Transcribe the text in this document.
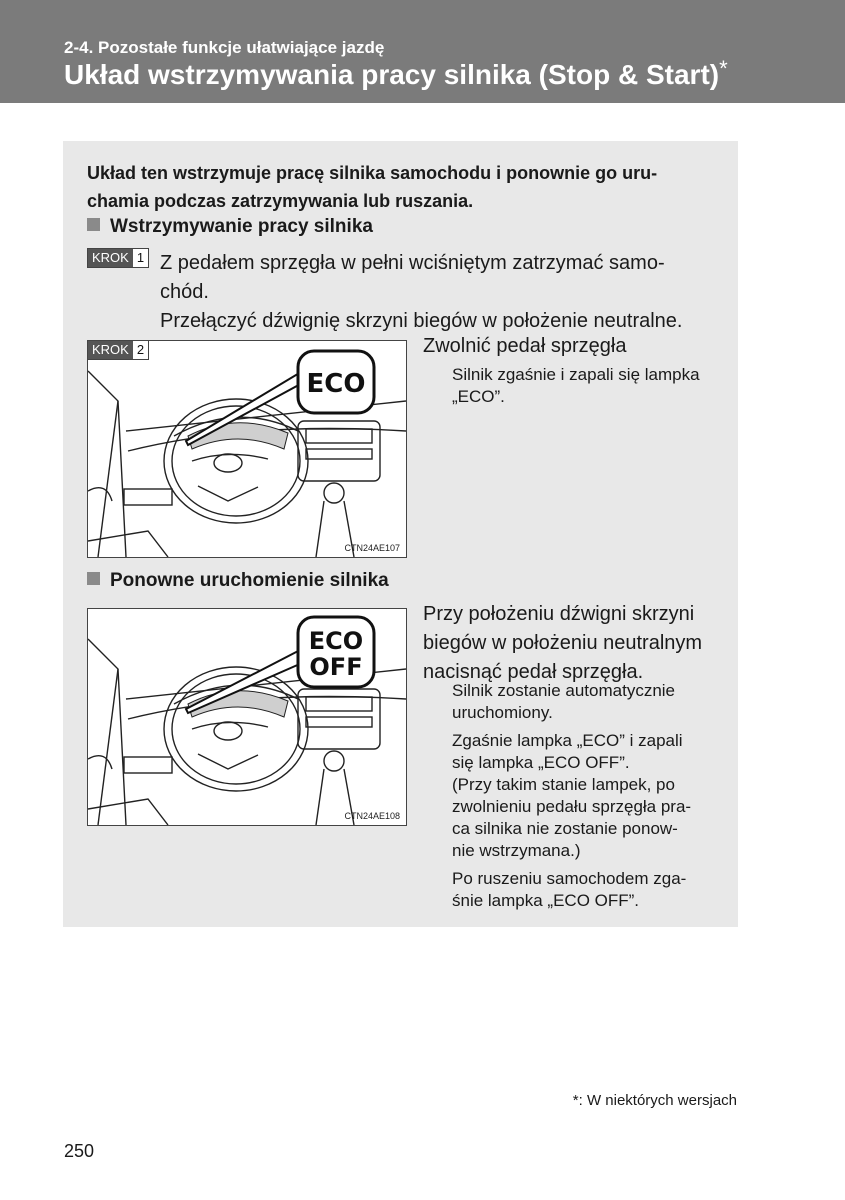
2-4. Pozostałe funkcje ułatwiające jazdę
Układ wstrzymywania pracy silnika (Stop & Start)*
Układ ten wstrzymuje pracę silnika samochodu i ponownie go uru-
chamia podczas zatrzymywania lub ruszania.
Wstrzymywanie pracy silnika
KROK 1 Z pedałem sprzęgła w pełni wciśniętym zatrzymać samo-
chód.
Przełączyć dźwignię skrzyni biegów w położenie neutralne.
ECO
KROK 2
CTN24AE107
Zwolnić pedał sprzęgła
Silnik zgaśnie i zapali się lampka
„ECO”.
Ponowne uruchomienie silnika
ECO
OFF
CTN24AE108
Przy położeniu dźwigni skrzyni
biegów w położeniu neutralnym
nacisnąć pedał sprzęgła.
Silnik zostanie automatycznie
uruchomiony.
Zgaśnie lampka „ECO” i zapali
się lampka „ECO OFF”.
(Przy takim stanie lampek, po
zwolnieniu pedału sprzęgła pra-
ca silnika nie zostanie ponow-
nie wstrzymana.)
Po ruszeniu samochodem zga-
śnie lampka „ECO OFF”.
*: W niektórych wersjach
250
